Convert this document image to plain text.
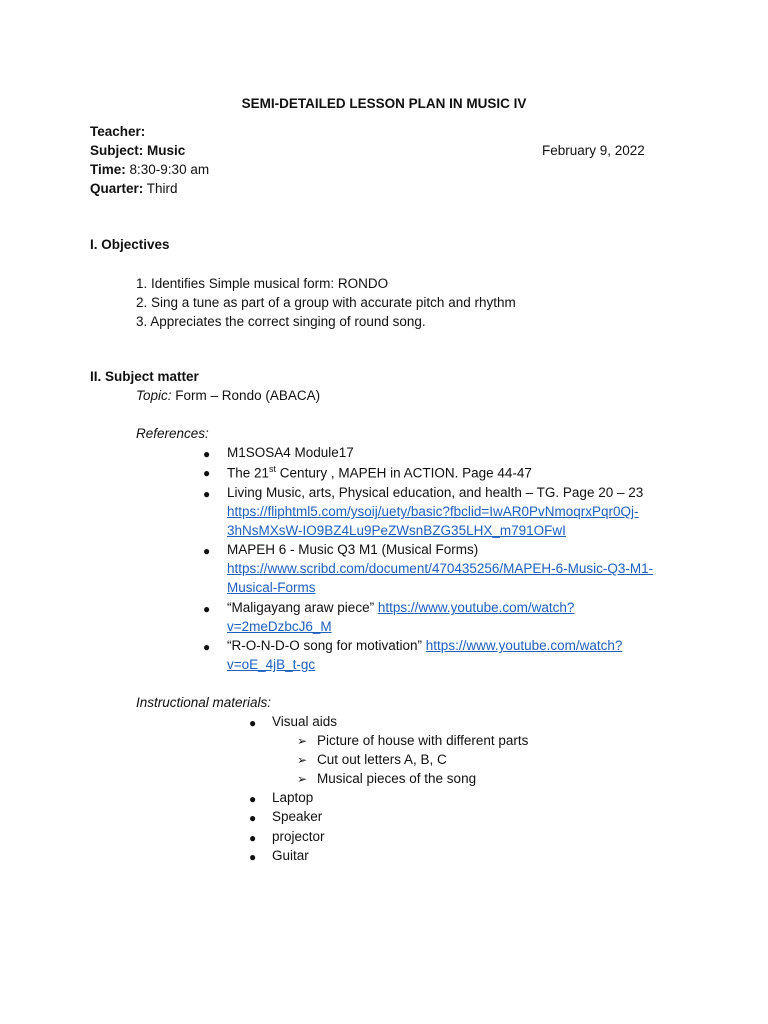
SEMI-DETAILED LESSON PLAN IN MUSIC IV
Teacher:
Subject: Music	February 9, 2022
Time: 8:30-9:30 am
Quarter: Third
I. Objectives
1. Identifies Simple musical form: RONDO
2. Sing a tune as part of a group with accurate pitch and rhythm
3. Appreciates the correct singing of round song.
II. Subject matter
Topic: Form – Rondo (ABACA)
References:
● M1SOSA4 Module17
● The 21st Century , MAPEH in ACTION. Page 44-47
● Living Music, arts, Physical education, and health – TG. Page 20 – 23
https://fliphtml5.com/ysoij/uety/basic?fbclid=IwAR0PvNmoqrxPqr0Qj-
3hNsMXsW-IO9BZ4Lu9PeZWsnBZG35LHX_m791OFwI
● MAPEH 6 - Music Q3 M1 (Musical Forms)
https://www.scribd.com/document/470435256/MAPEH-6-Music-Q3-M1-
Musical-Forms
● “Maligayang araw piece” https://www.youtube.com/watch?
v=2meDzbcJ6_M
● “R-O-N-D-O song for motivation” https://www.youtube.com/watch?
v=oE_4jB_t-gc
Instructional materials:
● Visual aids
➢ Picture of house with different parts
➢ Cut out letters A, B, C
➢ Musical pieces of the song
● Laptop
● Speaker
● projector
● Guitar
